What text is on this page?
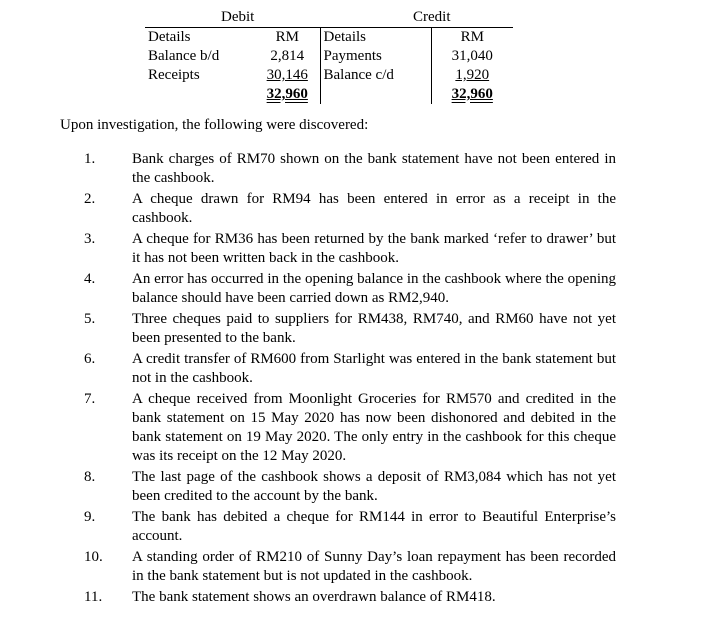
Debit	Credit
Details	RM	Details	RM
Balance b/d	2,814	Payments	31,040
Receipts	30,146	Balance c/d	1,920
	32,960		32,960

Upon investigation, the following were discovered:

1.	Bank charges of RM70 shown on the bank statement have not been entered in the cashbook.
2.	A cheque drawn for RM94 has been entered in error as a receipt in the cashbook.
3.	A cheque for RM36 has been returned by the bank marked ‘refer to drawer’ but it has not been written back in the cashbook.
4.	An error has occurred in the opening balance in the cashbook where the opening balance should have been carried down as RM2,940.
5.	Three cheques paid to suppliers for RM438, RM740, and RM60 have not yet been presented to the bank.
6.	A credit transfer of RM600 from Starlight was entered in the bank statement but not in the cashbook.
7.	A cheque received from Moonlight Groceries for RM570 and credited in the bank statement on 15 May 2020 has now been dishonored and debited in the bank statement on 19 May 2020. The only entry in the cashbook for this cheque was its receipt on the 12 May 2020.
8.	The last page of the cashbook shows a deposit of RM3,084 which has not yet been credited to the account by the bank.
9.	The bank has debited a cheque for RM144 in error to Beautiful Enterprise’s account.
10.	A standing order of RM210 of Sunny Day’s loan repayment has been recorded in the bank statement but is not updated in the cashbook.
11.	The bank statement shows an overdrawn balance of RM418.
